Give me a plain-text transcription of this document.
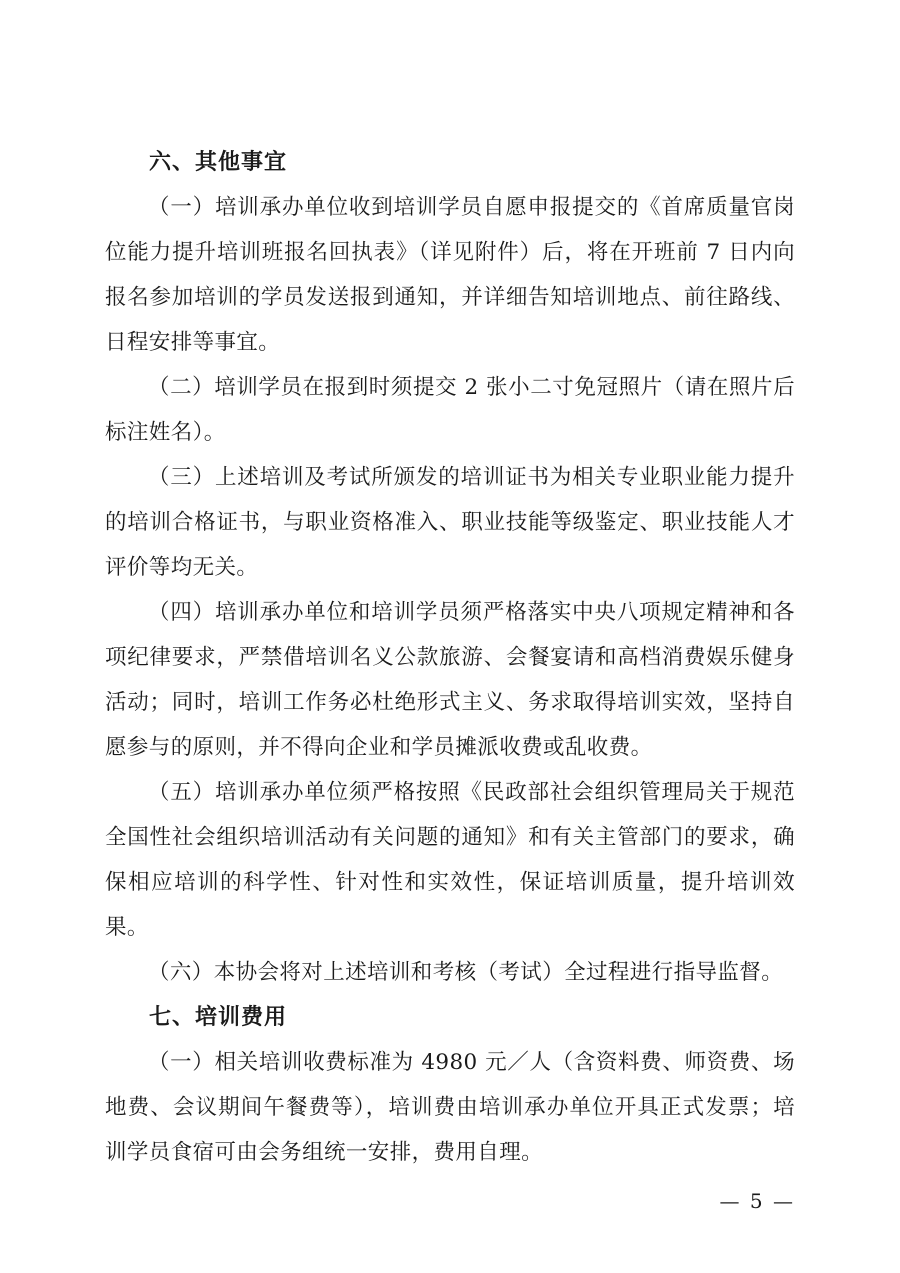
六、其他事宜

（一）培训承办单位收到培训学员自愿申报提交的《首席质量官岗位能力提升培训班报名回执表》（详见附件）后，将在开班前 7 日内向报名参加培训的学员发送报到通知，并详细告知培训地点、前往路线、日程安排等事宜。

（二）培训学员在报到时须提交 2 张小二寸免冠照片（请在照片后标注姓名）。

（三）上述培训及考试所颁发的培训证书为相关专业职业能力提升的培训合格证书，与职业资格准入、职业技能等级鉴定、职业技能人才评价等均无关。

（四）培训承办单位和培训学员须严格落实中央八项规定精神和各项纪律要求，严禁借培训名义公款旅游、会餐宴请和高档消费娱乐健身活动；同时，培训工作务必杜绝形式主义、务求取得培训实效，坚持自愿参与的原则，并不得向企业和学员摊派收费或乱收费。

（五）培训承办单位须严格按照《民政部社会组织管理局关于规范全国性社会组织培训活动有关问题的通知》和有关主管部门的要求，确保相应培训的科学性、针对性和实效性，保证培训质量，提升培训效果。

（六）本协会将对上述培训和考核（考试）全过程进行指导监督。

七、培训费用

（一）相关培训收费标准为 4980 元／人（含资料费、师资费、场地费、会议期间午餐费等），培训费由培训承办单位开具正式发票；培训学员食宿可由会务组统一安排，费用自理。

— 5 —
